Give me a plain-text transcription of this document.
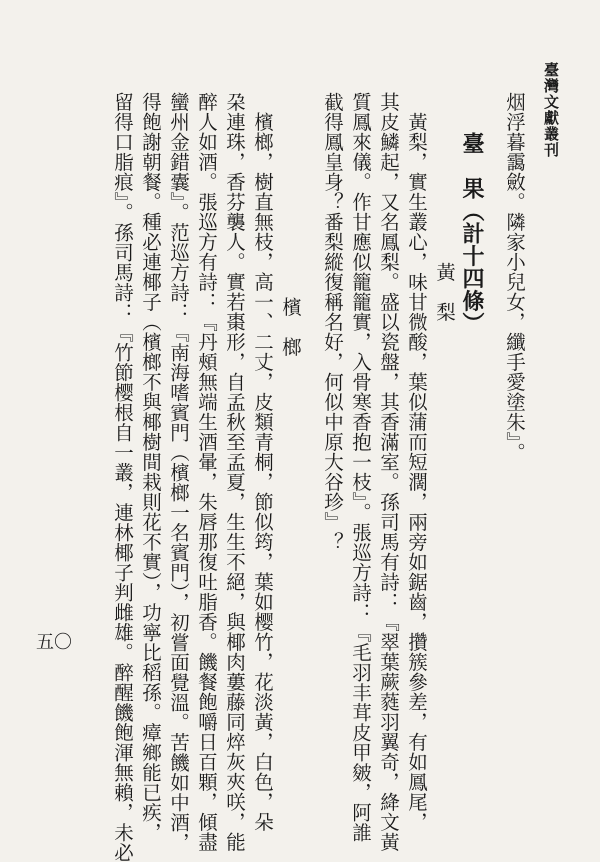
臺灣文獻叢刊
烟浮暮靄斂。隣家小兒女，纖手愛塗朱』。
臺　果（計十四條）
黃　梨
黃梨，實生叢心，味甘微酸，葉似蒲而短濶，兩旁如鋸齒，攢簇參差，有如鳳尾，
其皮鱗起，又名鳳梨。盛以瓷盤，其香滿室。孫司馬有詩：『翠葉蕨蕤羽翼奇，絳文黃
質鳳來儀。作甘應似籠籠實，入骨寒香抱一枝』。張巡方詩：『毛羽丰茸皮甲皴，阿誰
截得鳳皇身？番梨縱復稱名好，何似中原大谷珍』？
檳　榔
檳榔，樹直無枝，高一、二丈，皮類青桐，節似筠，葉如樱竹，花淡黃，白色，朵
朶連珠，香芬襲人。實若棗形，自孟秋至孟夏，生生不絕，與椰肉蔞藤同焠灰夾咲，能
醉人如酒。張巡方有詩：『丹頰無端生酒暈，朱唇那復吐脂香。饑餐飽嚼日百顆，傾盡
蠻州金錯囊』。范巡方詩：『南海嗜賓門（檳榔一名賓門），初嘗面覺溫。苦饑如中酒，
得飽謝朝餐。種必連椰子（檳榔不與椰樹間栽則花不實），功寧比稻孫。瘴鄉能已疾，
留得口脂痕』。孫司馬詩：『竹節樱根自一叢，連林椰子判雌雄。醉醒饑飽渾無賴，未必
五〇
